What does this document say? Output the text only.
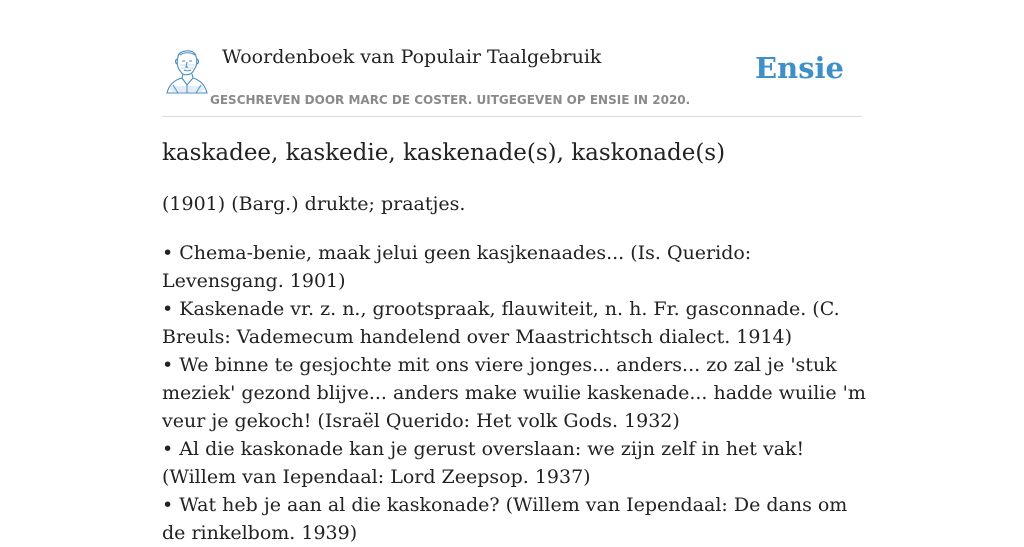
Woordenboek van Populair Taalgebruik	Ensie
GESCHREVEN DOOR MARC DE COSTER. UITGEGEVEN OP ENSIE IN 2020.
kaskadee, kaskedie, kaskenade(s), kaskonade(s)
(1901) (Barg.) drukte; praatjes.
• Chema-benie, maak jelui geen kasjkenaades... (Is. Querido: Levensgang. 1901)
• Kaskenade vr. z. n., grootspraak, flauwiteit, n. h. Fr. gasconnade. (C. Breuls: Vademecum handelend over Maastrichtsch dialect. 1914)
• We binne te gesjochte mit ons viere jonges... anders... zo zal je 'stuk meziek' gezond blijve... anders make wuilie kaskenade... hadde wuilie 'm veur je gekoch! (Israël Querido: Het volk Gods. 1932)
• Al die kaskonade kan je gerust overslaan: we zijn zelf in het vak! (Willem van Iependaal: Lord Zeepsop. 1937)
• Wat heb je aan al die kaskonade? (Willem van Iependaal: De dans om de rinkelbom. 1939)
